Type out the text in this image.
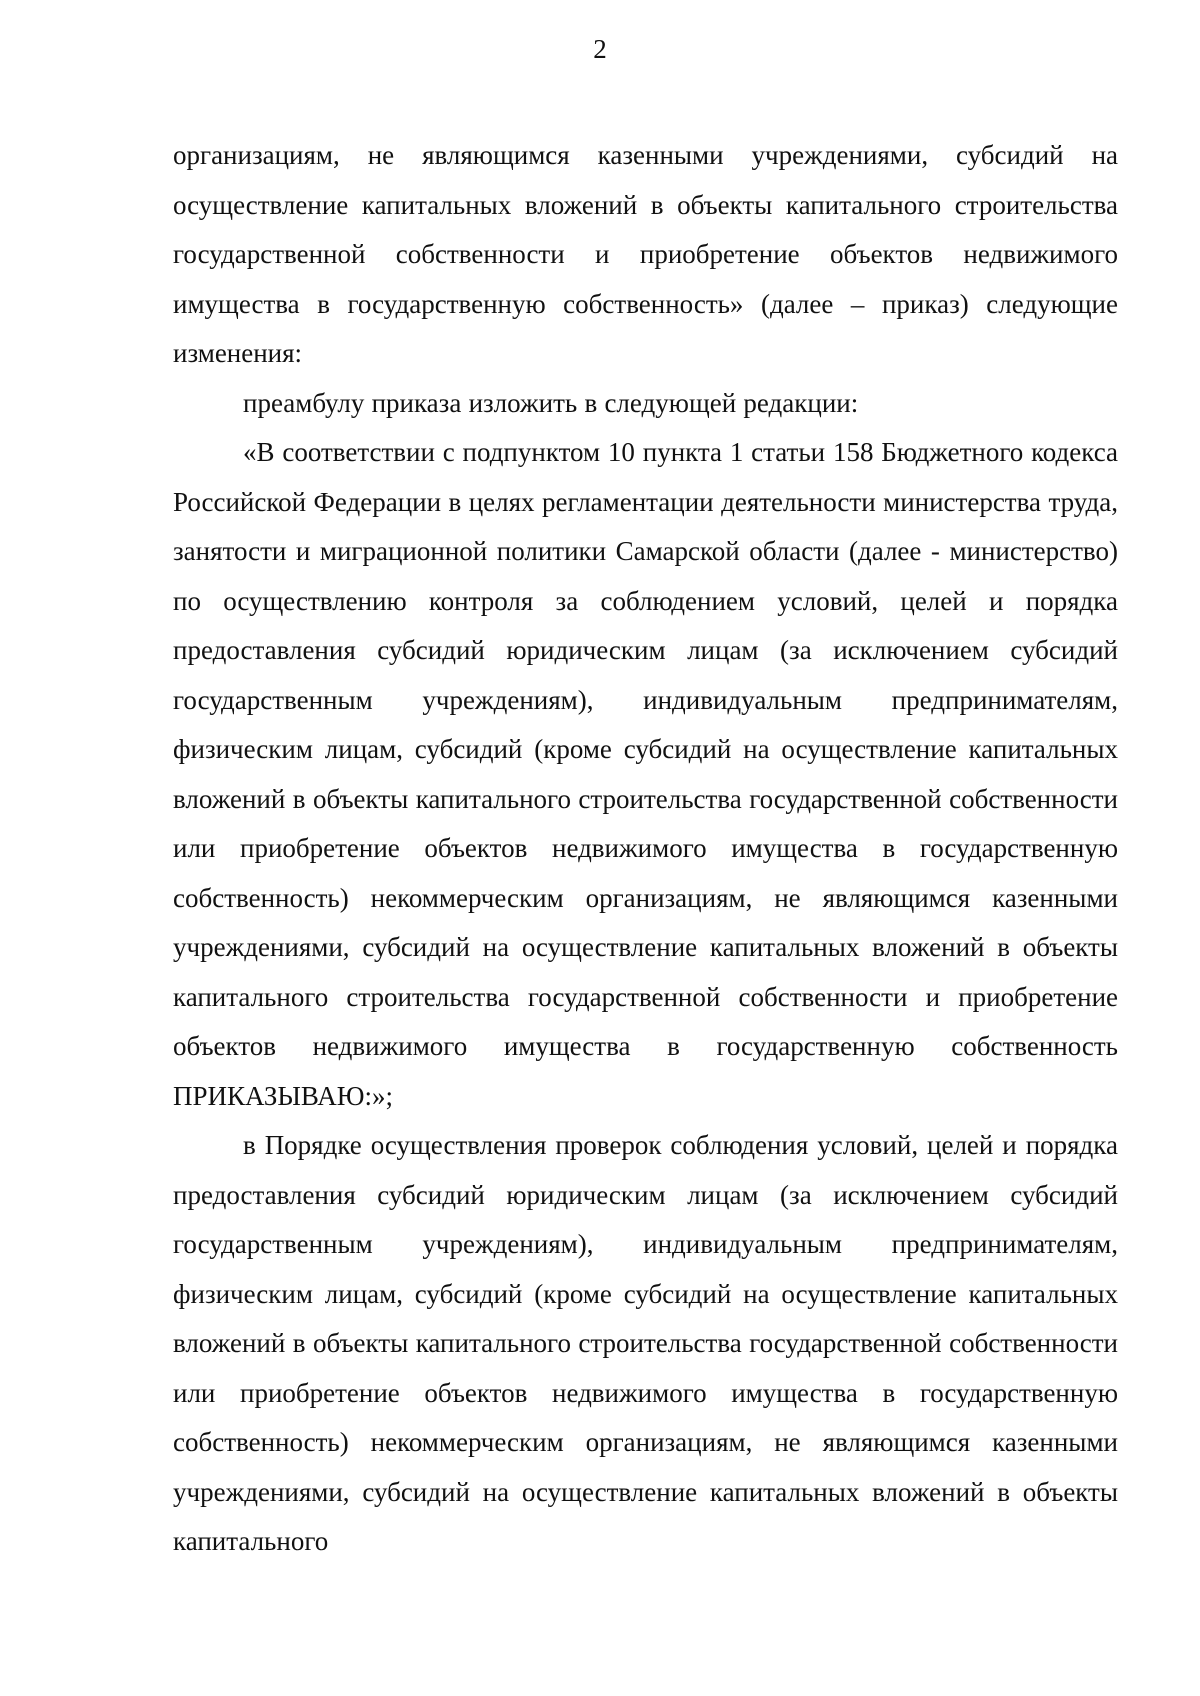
2

организациям, не являющимся казенными учреждениями, субсидий на осуществление капитальных вложений в объекты капитального строительства государственной собственности и приобретение объектов недвижимого имущества в государственную собственность» (далее – приказ) следующие изменения:

преамбулу приказа изложить в следующей редакции:

«В соответствии с подпунктом 10 пункта 1 статьи 158 Бюджетного кодекса Российской Федерации в целях регламентации деятельности министерства труда, занятости и миграционной политики Самарской области (далее - министерство) по осуществлению контроля за соблюдением условий, целей и порядка предоставления субсидий юридическим лицам (за исключением субсидий государственным учреждениям), индивидуальным предпринимателям, физическим лицам, субсидий (кроме субсидий на осуществление капитальных вложений в объекты капитального строительства государственной собственности или приобретение объектов недвижимого имущества в государственную собственность) некоммерческим организациям, не являющимся казенными учреждениями, субсидий на осуществление капитальных вложений в объекты капитального строительства государственной собственности и приобретение объектов недвижимого имущества в государственную собственность ПРИКАЗЫВАЮ:»;

в Порядке осуществления проверок соблюдения условий, целей и порядка предоставления субсидий юридическим лицам (за исключением субсидий государственным учреждениям), индивидуальным предпринимателям, физическим лицам, субсидий (кроме субсидий на осуществление капитальных вложений в объекты капитального строительства государственной собственности или приобретение объектов недвижимого имущества в государственную собственность) некоммерческим организациям, не являющимся казенными учреждениями, субсидий на осуществление капитальных вложений в объекты капитального
